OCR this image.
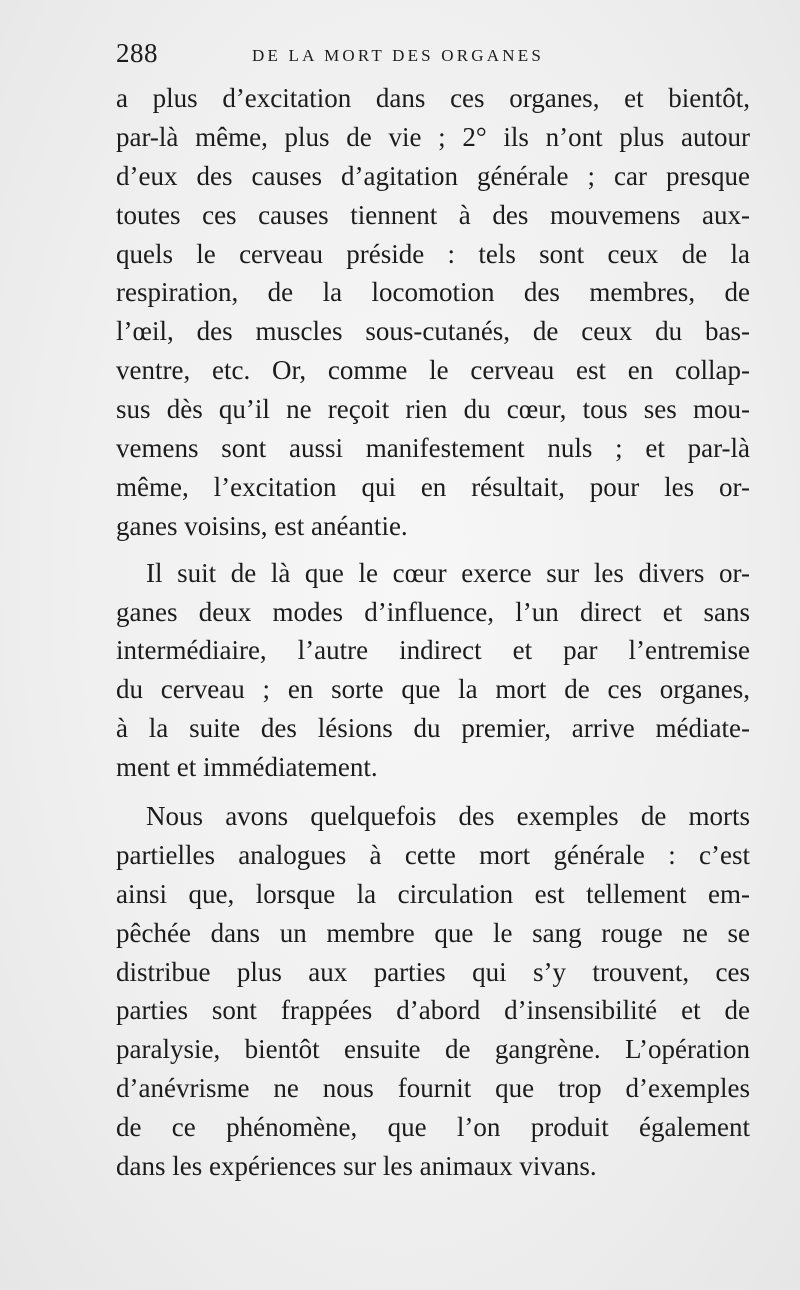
288	DE LA MORT DES ORGANES
a plus d’excitation dans ces organes, et bientôt,
par-là même, plus de vie ; 2° ils n’ont plus autour
d’eux des causes d’agitation générale ; car presque
toutes ces causes tiennent à des mouvemens aux-
quels le cerveau préside : tels sont ceux de la
respiration, de la locomotion des membres, de
l’œil, des muscles sous-cutanés, de ceux du bas-
ventre, etc. Or, comme le cerveau est en collap-
sus dès qu’il ne reçoit rien du cœur, tous ses mou-
vemens sont aussi manifestement nuls ; et par-là
même, l’excitation qui en résultait, pour les or-
ganes voisins, est anéantie.
Il suit de là que le cœur exerce sur les divers or-
ganes deux modes d’influence, l’un direct et sans
intermédiaire, l’autre indirect et par l’entremise
du cerveau ; en sorte que la mort de ces organes,
à la suite des lésions du premier, arrive médiate-
ment et immédiatement.
Nous avons quelquefois des exemples de morts
partielles analogues à cette mort générale : c’est
ainsi que, lorsque la circulation est tellement em-
pêchée dans un membre que le sang rouge ne se
distribue plus aux parties qui s’y trouvent, ces
parties sont frappées d’abord d’insensibilité et de
paralysie, bientôt ensuite de gangrène. L’opération
d’anévrisme ne nous fournit que trop d’exemples
de ce phénomène, que l’on produit également
dans les expériences sur les animaux vivans.
